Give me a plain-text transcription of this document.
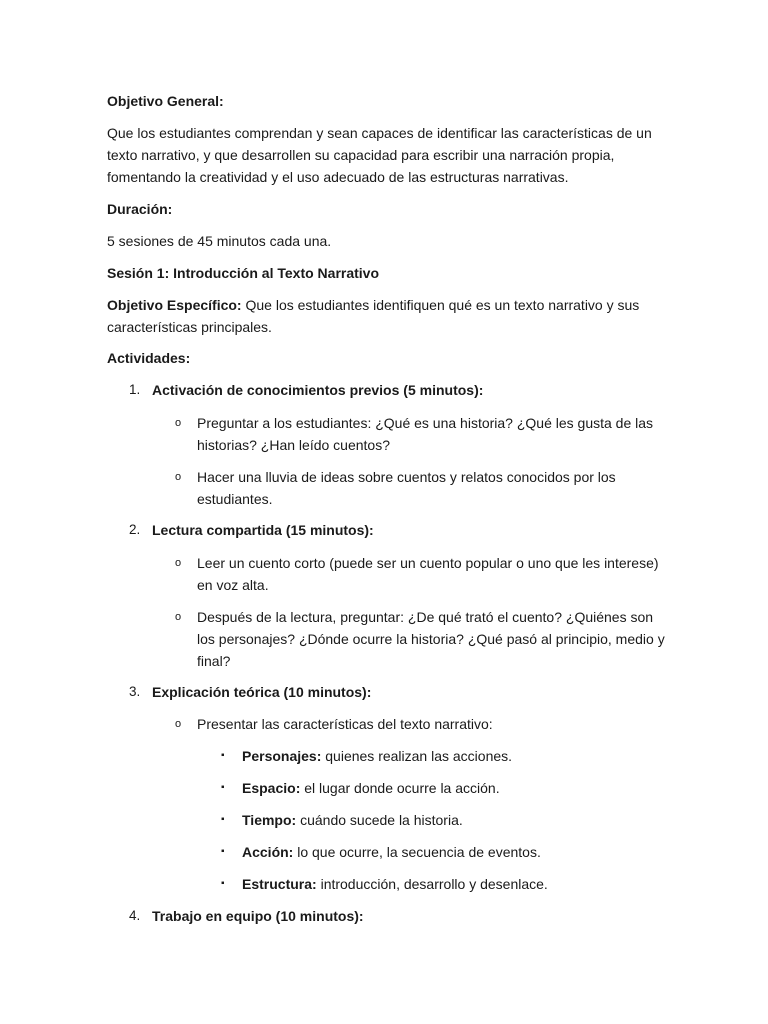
Objetivo General:

Que los estudiantes comprendan y sean capaces de identificar las características de un texto narrativo, y que desarrollen su capacidad para escribir una narración propia, fomentando la creatividad y el uso adecuado de las estructuras narrativas.

Duración:

5 sesiones de 45 minutos cada una.

Sesión 1: Introducción al Texto Narrativo

Objetivo Específico: Que los estudiantes identifiquen qué es un texto narrativo y sus características principales.

Actividades:

1. Activación de conocimientos previos (5 minutos):
o Preguntar a los estudiantes: ¿Qué es una historia? ¿Qué les gusta de las historias? ¿Han leído cuentos?
o Hacer una lluvia de ideas sobre cuentos y relatos conocidos por los estudiantes.
2. Lectura compartida (15 minutos):
o Leer un cuento corto (puede ser un cuento popular o uno que les interese) en voz alta.
o Después de la lectura, preguntar: ¿De qué trató el cuento? ¿Quiénes son los personajes? ¿Dónde ocurre la historia? ¿Qué pasó al principio, medio y final?
3. Explicación teórica (10 minutos):
o Presentar las características del texto narrativo:
▪ Personajes: quienes realizan las acciones.
▪ Espacio: el lugar donde ocurre la acción.
▪ Tiempo: cuándo sucede la historia.
▪ Acción: lo que ocurre, la secuencia de eventos.
▪ Estructura: introducción, desarrollo y desenlace.
4. Trabajo en equipo (10 minutos):
